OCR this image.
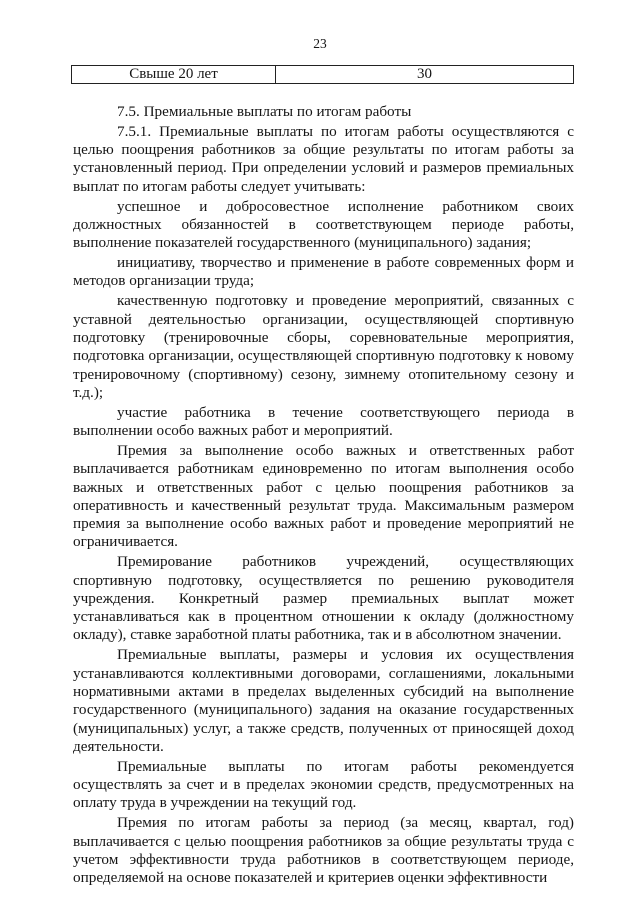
23
Свыше 20 лет	30

7.5. Премиальные выплаты по итогам работы

7.5.1. Премиальные выплаты по итогам работы осуществляются с целью поощрения работников за общие результаты по итогам работы за установленный период. При определении условий и размеров премиальных выплат по итогам работы следует учитывать:

успешное и добросовестное исполнение работником своих должностных обязанностей в соответствующем периоде работы, выполнение показателей государственного (муниципального) задания;

инициативу, творчество и применение в работе современных форм и методов организации труда;

качественную подготовку и проведение мероприятий, связанных с уставной деятельностью организации, осуществляющей спортивную подготовку (тренировочные сборы, соревновательные мероприятия, подготовка организации, осуществляющей спортивную подготовку к новому тренировочному (спортивному) сезону, зимнему отопительному сезону и т.д.);

участие работника в течение соответствующего периода в выполнении особо важных работ и мероприятий.

Премия за выполнение особо важных и ответственных работ выплачивается работникам единовременно по итогам выполнения особо важных и ответственных работ с целью поощрения работников за оперативность и качественный результат труда. Максимальным размером премия за выполнение особо важных работ и проведение мероприятий не ограничивается.

Премирование работников учреждений, осуществляющих спортивную подготовку, осуществляется по решению руководителя учреждения. Конкретный размер премиальных выплат может устанавливаться как в процентном отношении к окладу (должностному окладу), ставке заработной платы работника, так и в абсолютном значении.

Премиальные выплаты, размеры и условия их осуществления устанавливаются коллективными договорами, соглашениями, локальными нормативными актами в пределах выделенных субсидий на выполнение государственного (муниципального) задания на оказание государственных (муниципальных) услуг, а также средств, полученных от приносящей доход деятельности.

Премиальные выплаты по итогам работы рекомендуется осуществлять за счет и в пределах экономии средств, предусмотренных на оплату труда в учреждении на текущий год.

Премия по итогам работы за период (за месяц, квартал, год) выплачивается с целью поощрения работников за общие результаты труда с учетом эффективности труда работников в соответствующем периоде, определяемой на основе показателей и критериев оценки эффективности
